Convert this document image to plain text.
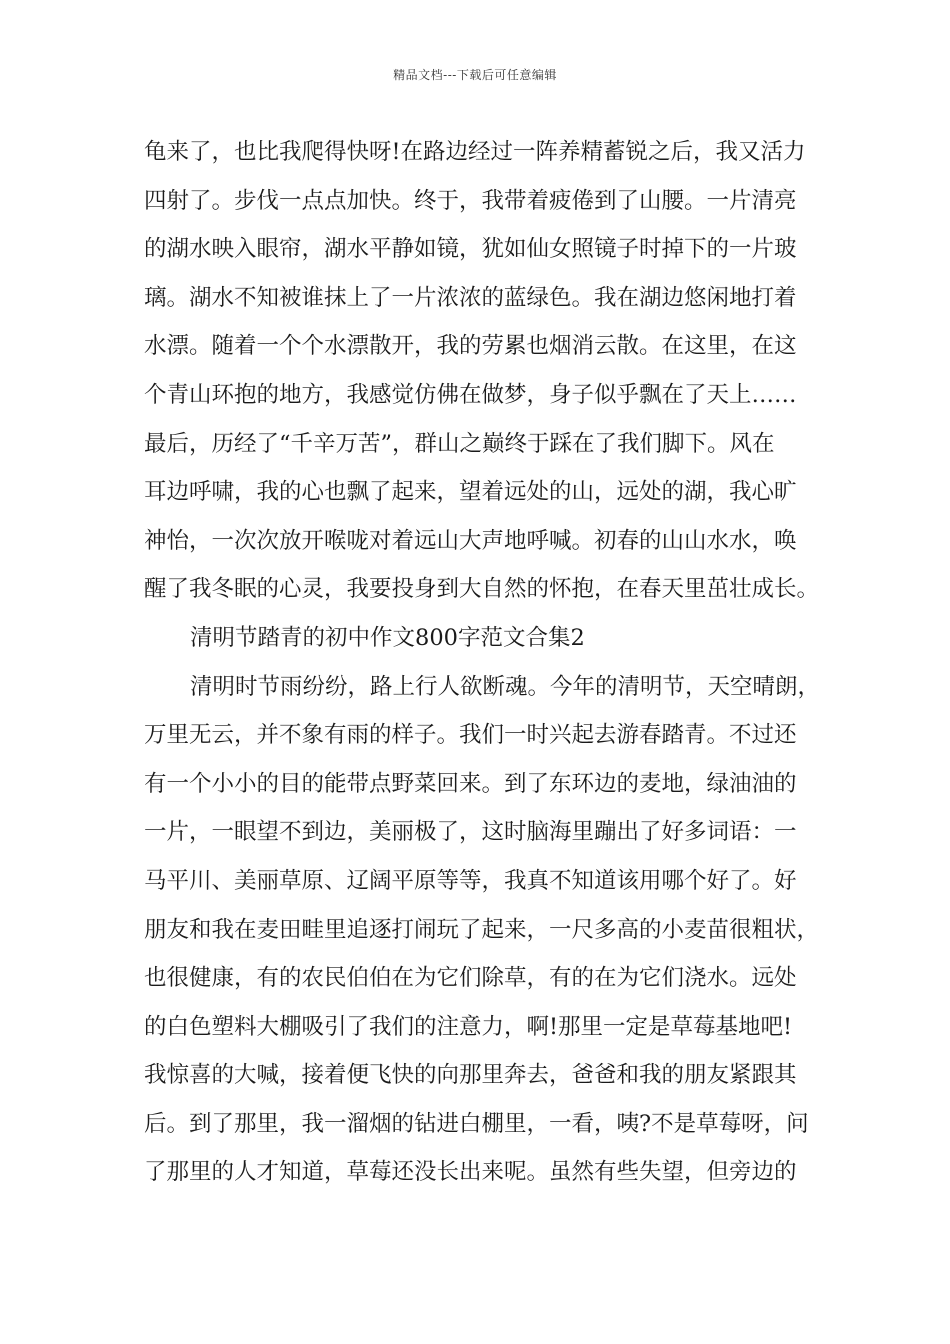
精品文档---下载后可任意编辑
龟来了，也比我爬得快呀!在路边经过一阵养精蓄锐之后，我又活力
四射了。步伐一点点加快。终于，我带着疲倦到了山腰。一片清亮
的湖水映入眼帘，湖水平静如镜，犹如仙女照镜子时掉下的一片玻
璃。湖水不知被谁抹上了一片浓浓的蓝绿色。我在湖边悠闲地打着
水漂。随着一个个水漂散开，我的劳累也烟消云散。在这里，在这
个青山环抱的地方，我感觉仿佛在做梦，身子似乎飘在了天上……
最后，历经了“千辛万苦”，群山之巅终于踩在了我们脚下。风在
耳边呼啸，我的心也飘了起来，望着远处的山，远处的湖，我心旷
神怡，一次次放开喉咙对着远山大声地呼喊。初春的山山水水，唤
醒了我冬眠的心灵，我要投身到大自然的怀抱，在春天里茁壮成长。
清明节踏青的初中作文800字范文合集2
清明时节雨纷纷，路上行人欲断魂。今年的清明节，天空晴朗，
万里无云，并不象有雨的样子。我们一时兴起去游春踏青。不过还
有一个小小的目的能带点野菜回来。到了东环边的麦地，绿油油的
一片，一眼望不到边，美丽极了，这时脑海里蹦出了好多词语：一
马平川、美丽草原、辽阔平原等等，我真不知道该用哪个好了。好
朋友和我在麦田畦里追逐打闹玩了起来，一尺多高的小麦苗很粗状，
也很健康，有的农民伯伯在为它们除草，有的在为它们浇水。远处
的白色塑料大棚吸引了我们的注意力，啊!那里一定是草莓基地吧!
我惊喜的大喊，接着便飞快的向那里奔去，爸爸和我的朋友紧跟其
后。到了那里，我一溜烟的钻进白棚里，一看，咦?不是草莓呀，问
了那里的人才知道，草莓还没长出来呢。虽然有些失望，但旁边的
